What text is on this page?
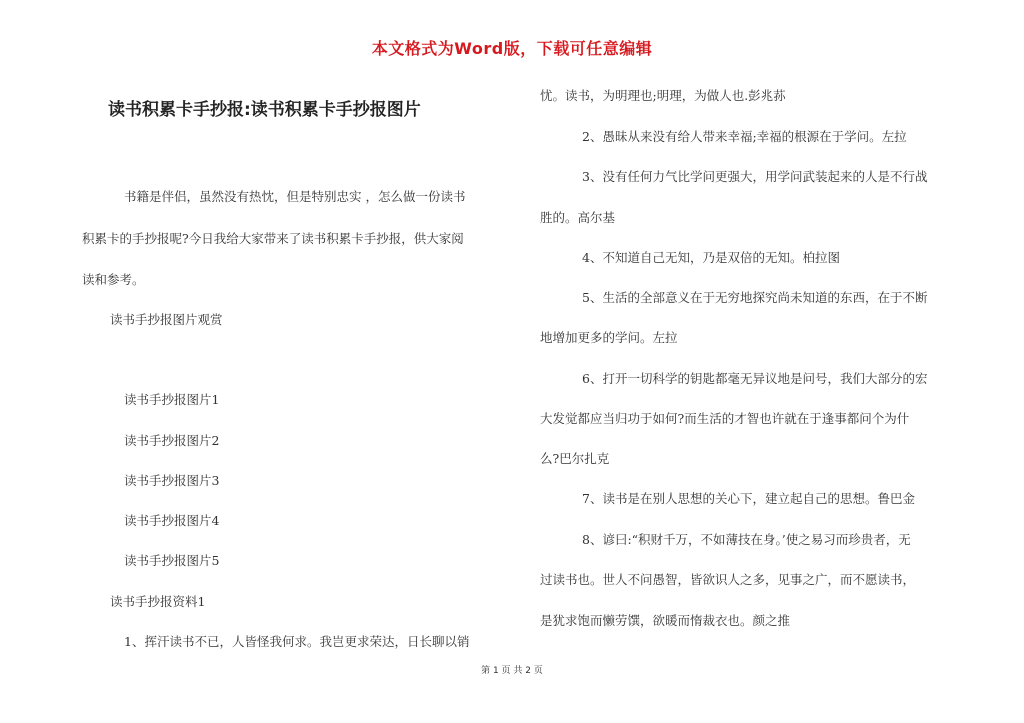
本文格式为Word版，下载可任意编辑
读书积累卡手抄报:读书积累卡手抄报图片
书籍是伴侣，虽然没有热忱，但是特别忠实 ，怎么做一份读书
积累卡的手抄报呢?今日我给大家带来了读书积累卡手抄报，供大家阅
读和参考。
读书手抄报图片观赏
读书手抄报图片1
读书手抄报图片2
读书手抄报图片3
读书手抄报图片4
读书手抄报图片5
读书手抄报资料1
1、挥汗读书不已，人皆怪我何求。我岂更求荣达，日长聊以销
忧。读书，为明理也;明理，为做人也.彭兆荪
2、愚昧从来没有给人带来幸福;幸福的根源在于学问。左拉
3、没有任何力气比学问更强大，用学问武装起来的人是不行战
胜的。高尔基
4、不知道自己无知，乃是双倍的无知。柏拉图
5、生活的全部意义在于无穷地探究尚未知道的东西，在于不断
地增加更多的学问。左拉
6、打开一切科学的钥匙都毫无异议地是问号，我们大部分的宏
大发觉都应当归功于如何?而生活的才智也许就在于逢事都问个为什
么?巴尔扎克
7、读书是在别人思想的关心下，建立起自己的思想。鲁巴金
8、谚曰:“积财千万，不如薄技在身。’使之易习而珍贵者，无
过读书也。世人不问愚智，皆欲识人之多，见事之广，而不愿读书，
是犹求饱而懒劳馔，欲暖而惰裁衣也。颜之推
第 1 页 共 2 页
